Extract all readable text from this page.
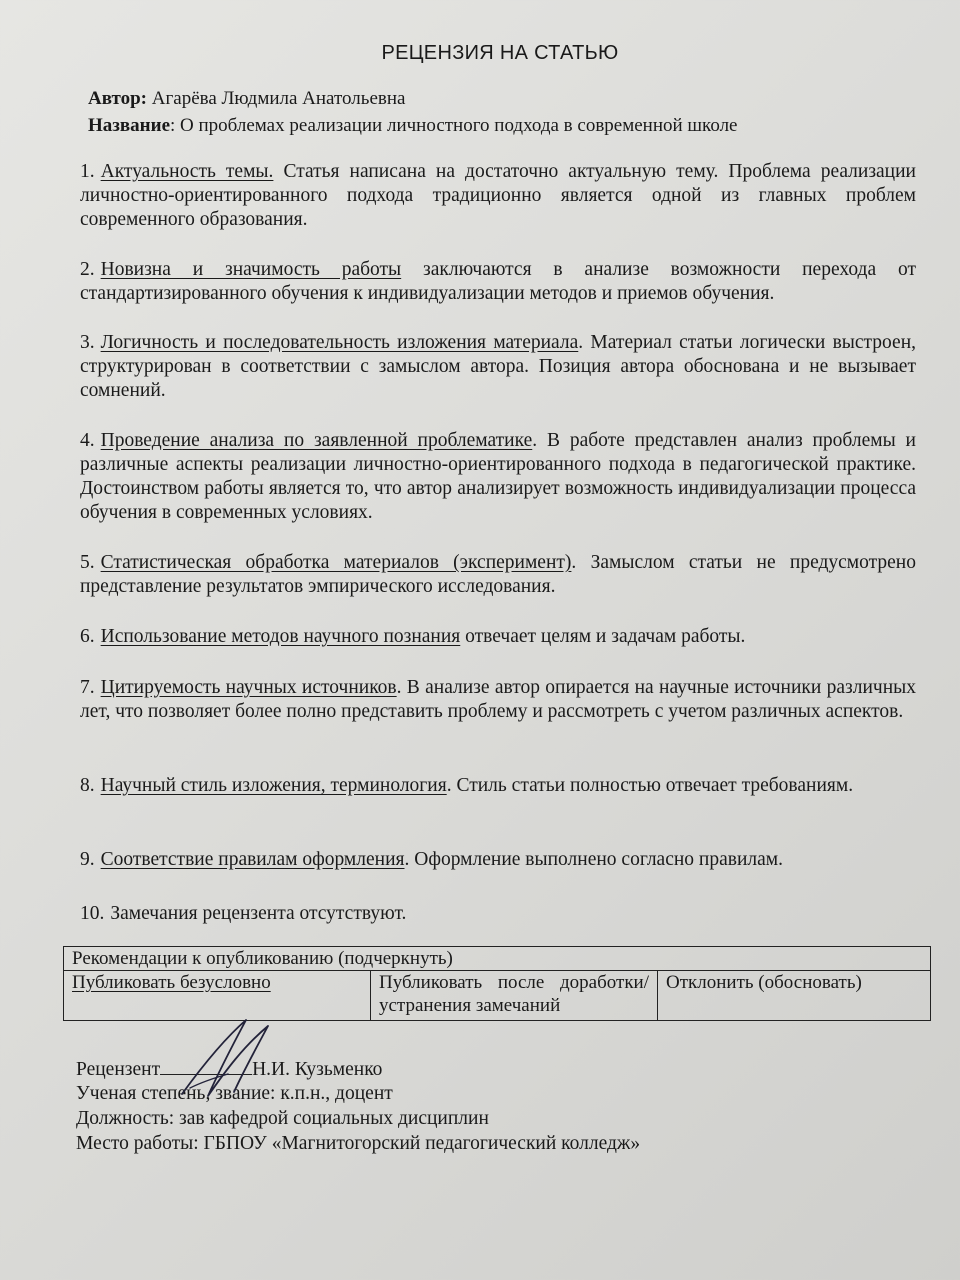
РЕЦЕНЗИЯ НА СТАТЬЮ
Автор: Агарёва Людмила Анатольевна
Название: О проблемах реализации личностного подхода в современной школе
1. Актуальность темы. Статья написана на достаточно актуальную тему. Проблема реализации личностно-ориентированного подхода традиционно является одной из главных проблем современного образования.
2. Новизна и значимость работы заключаются в анализе возможности перехода от стандартизированного обучения к индивидуализации методов и приемов обучения.
3. Логичность и последовательность изложения материала. Материал статьи логически выстроен, структурирован в соответствии с замыслом автора. Позиция автора обоснована и не вызывает сомнений.
4. Проведение анализа по заявленной проблематике. В работе представлен анализ проблемы и различные аспекты реализации личностно-ориентированного подхода в педагогической практике. Достоинством работы является то, что автор анализирует возможность индивидуализации процесса обучения в современных условиях.
5. Статистическая обработка материалов (эксперимент). Замыслом статьи не предусмотрено представление результатов эмпирического исследования.
6. Использование методов научного познания отвечает целям и задачам работы.
7. Цитируемость научных источников. В анализе автор опирается на научные источники различных лет, что позволяет более полно представить проблему и рассмотреть с учетом различных аспектов.
8. Научный стиль изложения, терминология. Стиль статьи полностью отвечает требованиям.
9. Соответствие правилам оформления. Оформление выполнено согласно правилам.
10. Замечания рецензента отсутствуют.
Рекомендации к опубликованию (подчеркнуть)
Публиковать безусловно	Публиковать после доработки/устранения замечаний	Отклонить (обосновать)
Рецензент	Н.И. Кузьменко
Ученая степень, звание: к.п.н., доцент
Должность: зав кафедрой социальных дисциплин
Место работы: ГБПОУ «Магнитогорский педагогический колледж»
